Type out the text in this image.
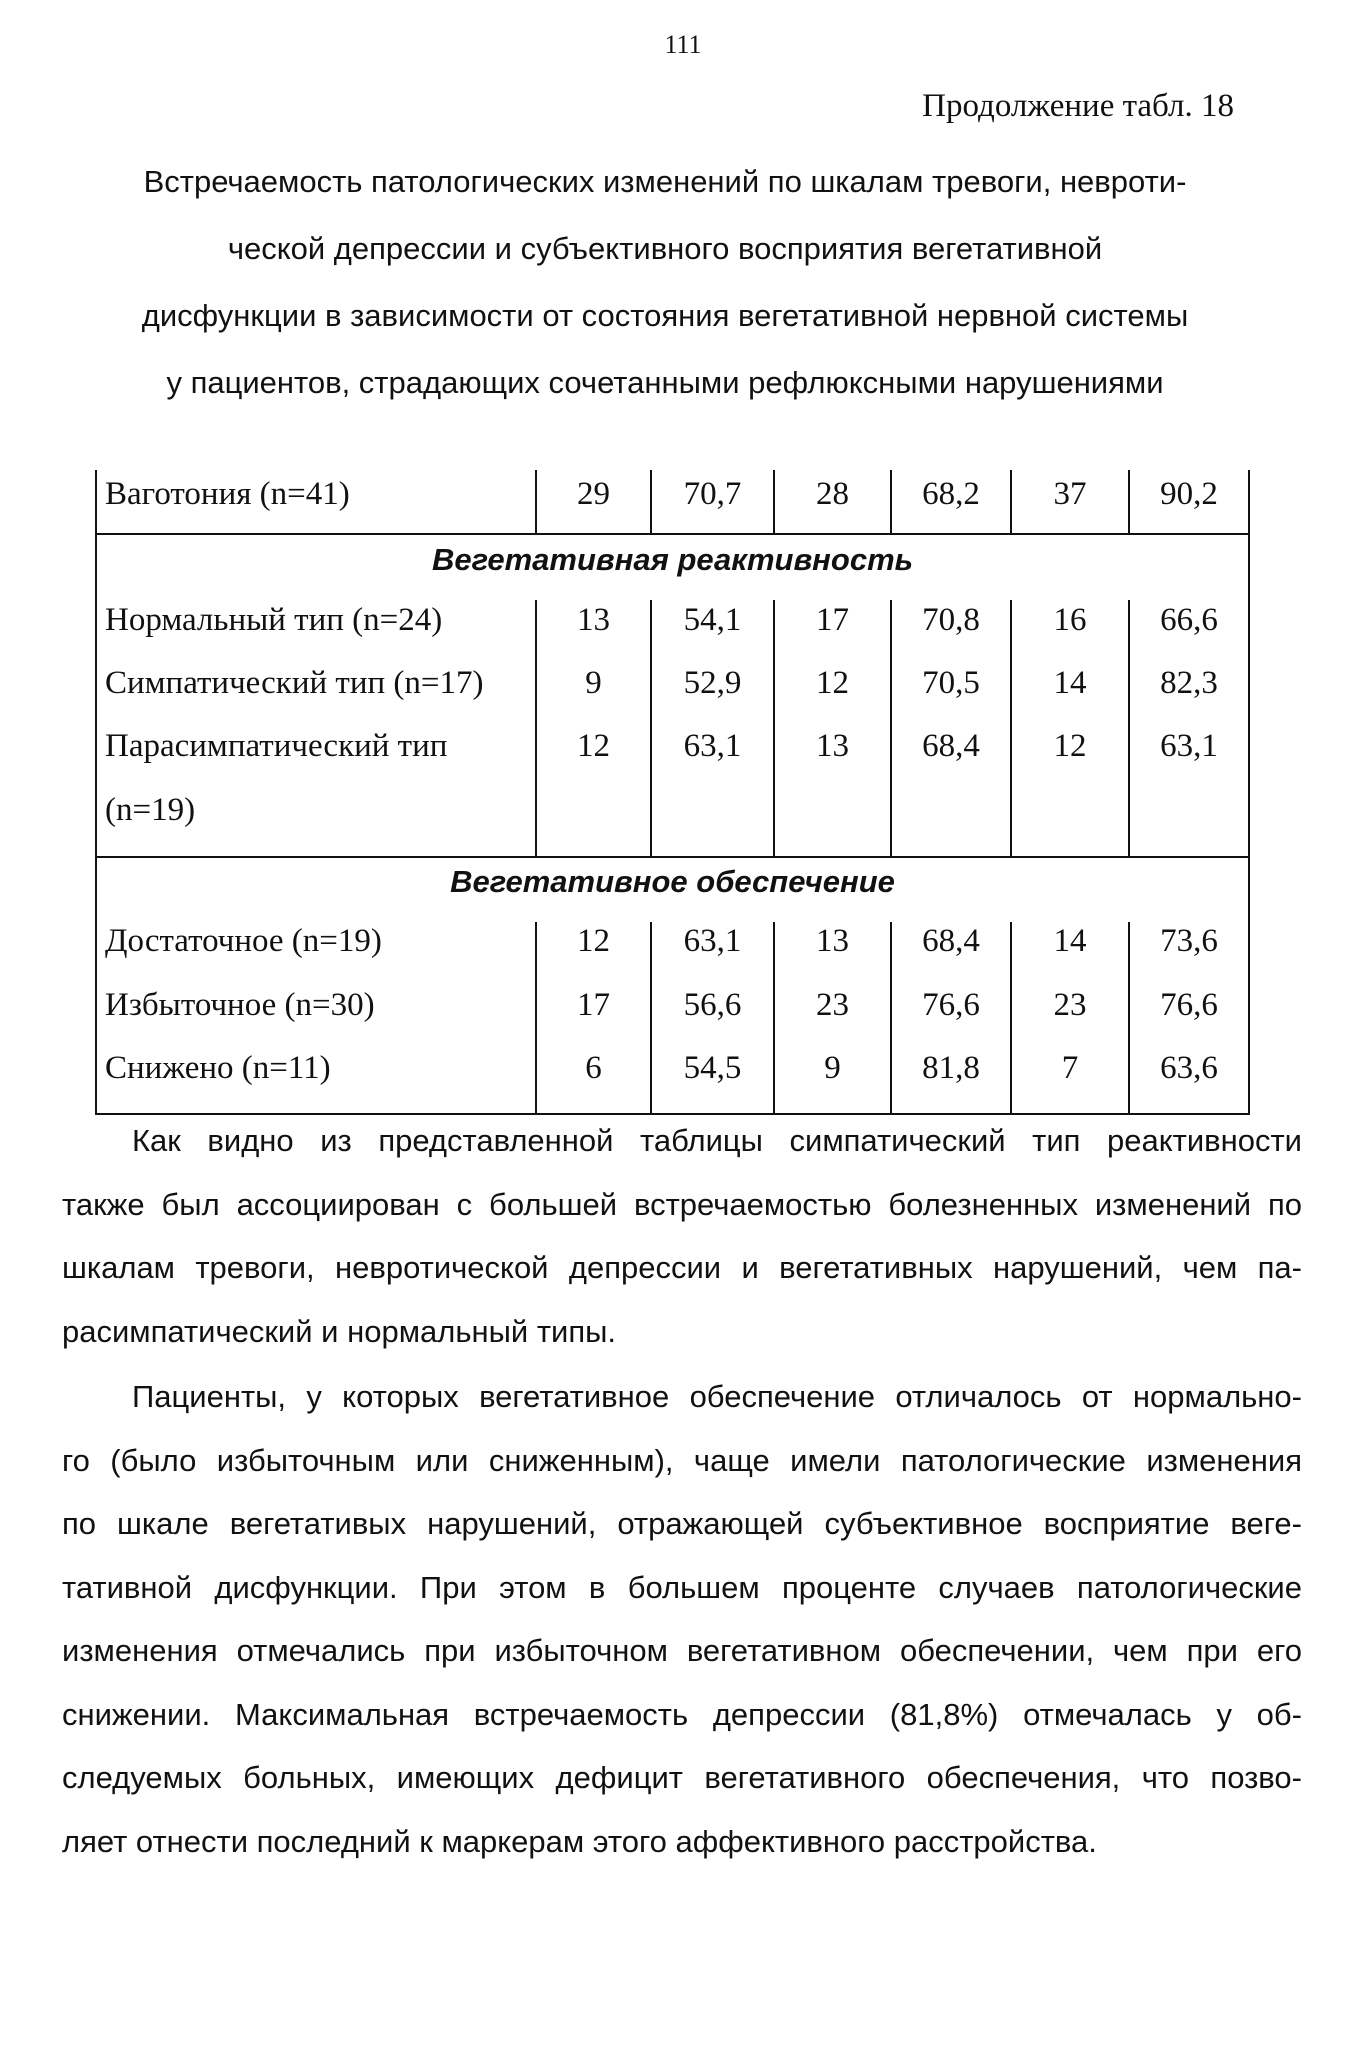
111
Продолжение табл. 18
Встречаемость патологических изменений по шкалам тревоги, невроти-
ческой депрессии и субъективного восприятия вегетативной
дисфункции в зависимости от состояния вегетативной нервной системы
у пациентов, страдающих сочетанными рефлюксными нарушениями
Ваготония (n=41)	29	70,7	28	68,2	37	90,2
Вегетативная реактивность
Нормальный тип (n=24)	13	54,1	17	70,8	16	66,6
Симпатический тип (n=17)	9	52,9	12	70,5	14	82,3
Парасимпатический тип
(n=19)
12	63,1	13	68,4	12	63,1
Вегетативное обеспечение
Достаточное (n=19)	12	63,1	13	68,4	14	73,6
Избыточное (n=30)	17	56,6	23	76,6	23	76,6
Снижено (n=11)	6	54,5	9	81,8	7	63,6
Как видно из представленной таблицы симпатический тип реактивности
также был ассоциирован с большей встречаемостью болезненных изменений по
шкалам тревоги, невротической депрессии и вегетативных нарушений, чем па-
расимпатический и нормальный типы.
Пациенты, у которых вегетативное обеспечение отличалось от нормально-
го (было избыточным или сниженным), чаще имели патологические изменения
по шкале вегетативых нарушений, отражающей субъективное восприятие веге-
тативной дисфункции. При этом в большем проценте случаев патологические
изменения отмечались при избыточном вегетативном обеспечении, чем при его
снижении. Максимальная встречаемость депрессии (81,8%) отмечалась у об-
следуемых больных, имеющих дефицит вегетативного обеспечения, что позво-
ляет отнести последний к маркерам этого аффективного расстройства.
